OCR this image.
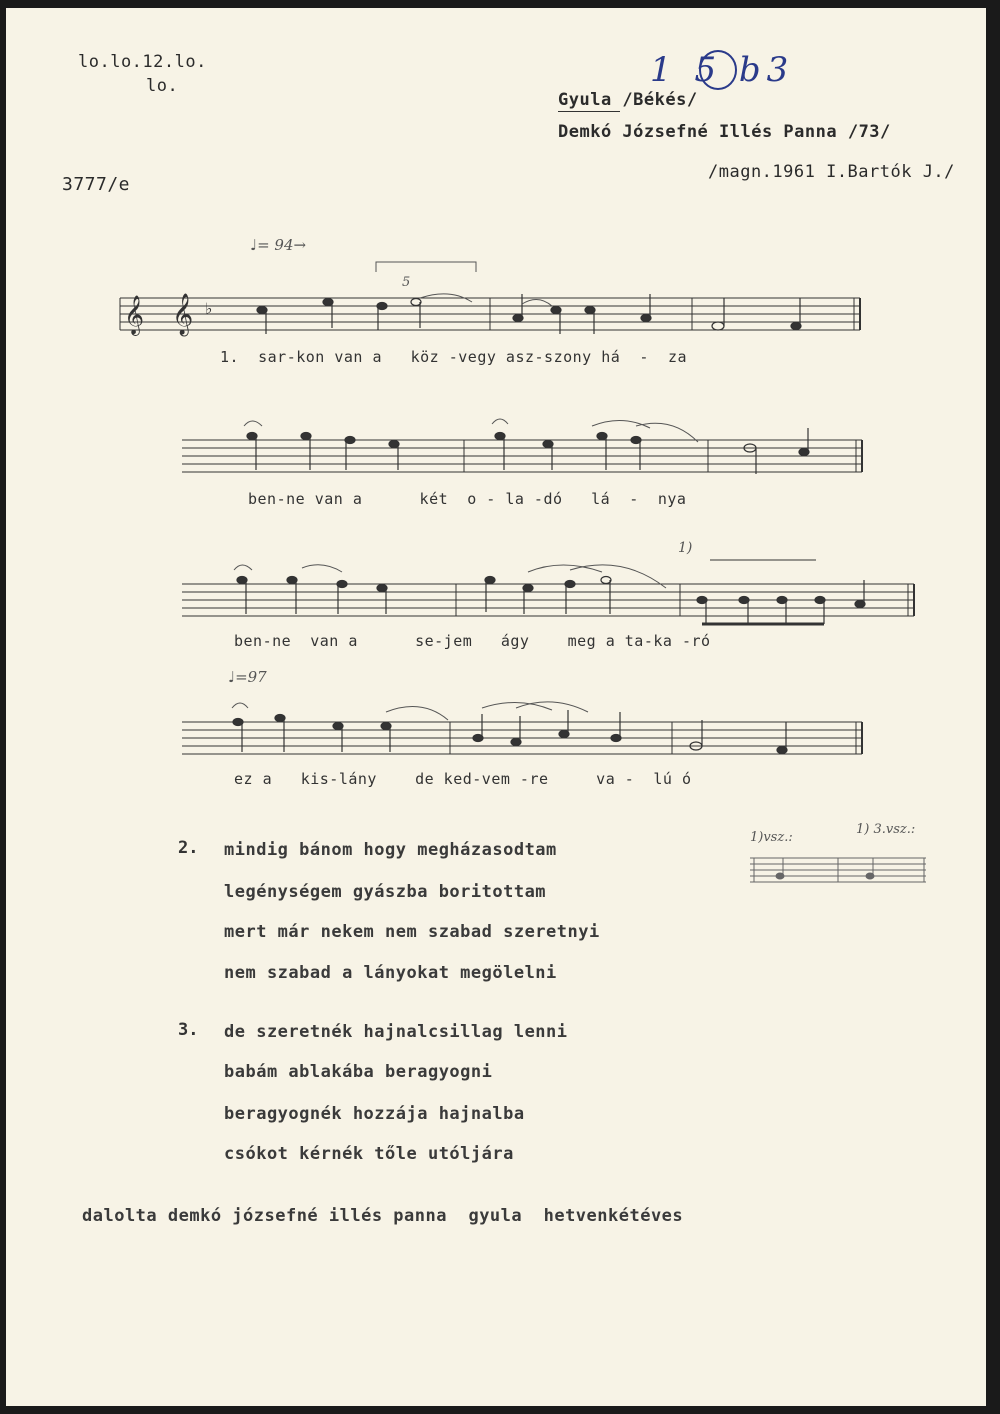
lo.lo.12.lo.
lo.
3777/e
1 5 b3
Gyula /Békés/
Demkó Józsefné Illés Panna /73/
/magn.1961 I.Bartók J./
♩= 94→
♩=97
1)
𝄞 𝄞 ♭
5
1.  sar-kon van a   köz -vegy asz-szony há  -  za
ben-ne van a      két  o - la -dó   lá  -  nya
ben-ne  van a      se-jem   ágy    meg a ta-ka -ró
ez a   kis-lány    de ked-vem -re     va -  lú ó
1)vsz.:
1) 3.vsz.:
2. mindig bánom hogy megházasodtam
legénységem gyászba boritottam
mert már nekem nem szabad szeretnyi
nem szabad a lányokat megölelni
3. de szeretnék hajnalcsillag lenni
babám ablakába beragyogni
beragyognék hozzája hajnalba
csókot kérnék tőle utóljára
dalolta demkó józsefné illés panna  gyula  hetvenkétéves
